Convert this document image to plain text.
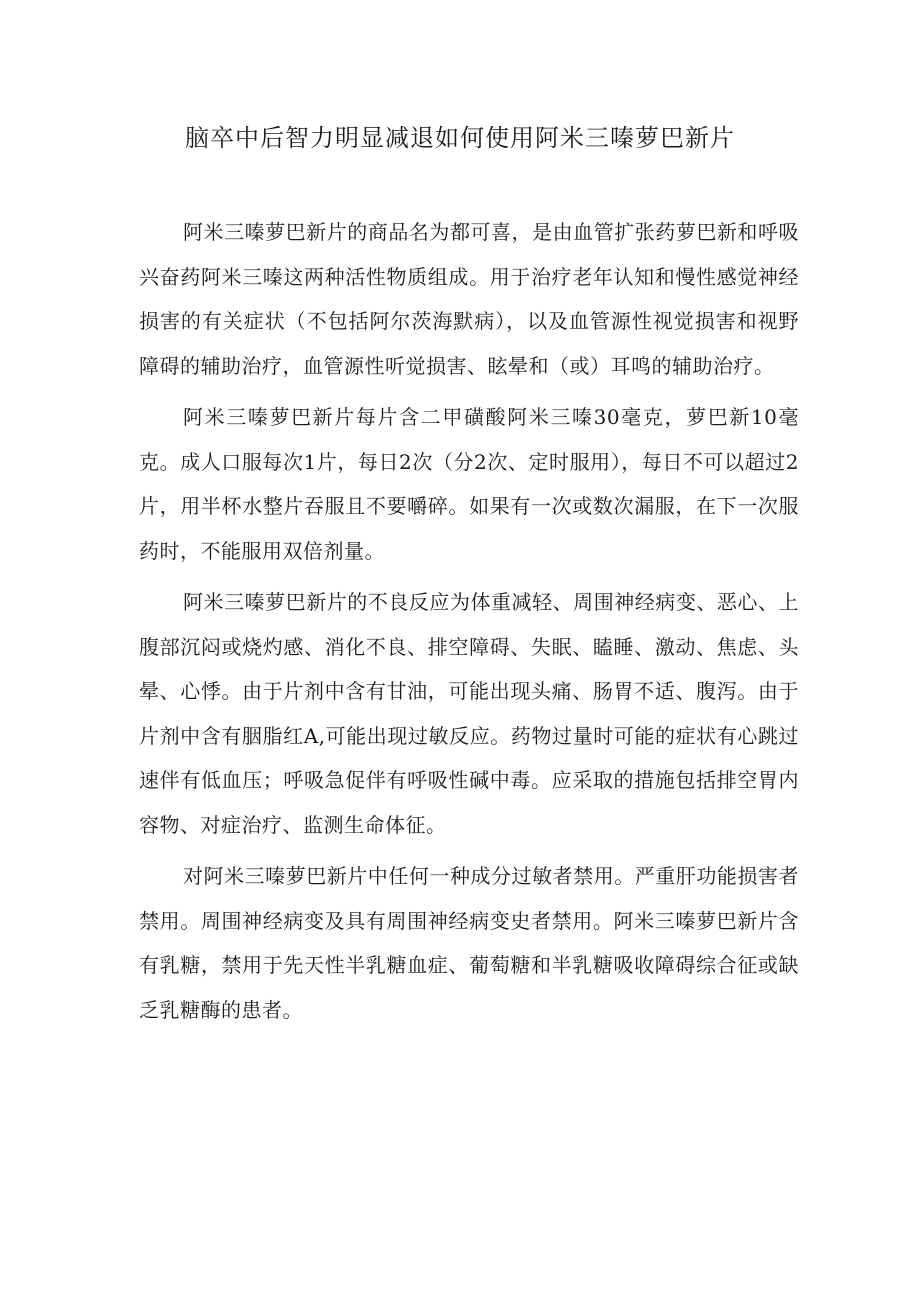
脑卒中后智力明显减退如何使用阿米三嗪萝巴新片

阿米三嗪萝巴新片的商品名为都可喜，是由血管扩张药萝巴新和呼吸兴奋药阿米三嗪这两种活性物质组成。用于治疗老年认知和慢性感觉神经损害的有关症状（不包括阿尔茨海默病），以及血管源性视觉损害和视野障碍的辅助治疗，血管源性听觉损害、眩晕和（或）耳鸣的辅助治疗。

阿米三嗪萝巴新片每片含二甲磺酸阿米三嗪30毫克，萝巴新10毫克。成人口服每次1片，每日2次（分2次、定时服用），每日不可以超过2片，用半杯水整片吞服且不要嚼碎。如果有一次或数次漏服，在下一次服药时，不能服用双倍剂量。

阿米三嗪萝巴新片的不良反应为体重减轻、周围神经病变、恶心、上腹部沉闷或烧灼感、消化不良、排空障碍、失眠、瞌睡、激动、焦虑、头晕、心悸。由于片剂中含有甘油，可能出现头痛、肠胃不适、腹泻。由于片剂中含有胭脂红A,可能出现过敏反应。药物过量时可能的症状有心跳过速伴有低血压；呼吸急促伴有呼吸性碱中毒。应采取的措施包括排空胃内容物、对症治疗、监测生命体征。

对阿米三嗪萝巴新片中任何一种成分过敏者禁用。严重肝功能损害者禁用。周围神经病变及具有周围神经病变史者禁用。阿米三嗪萝巴新片含有乳糖，禁用于先天性半乳糖血症、葡萄糖和半乳糖吸收障碍综合征或缺乏乳糖酶的患者。
